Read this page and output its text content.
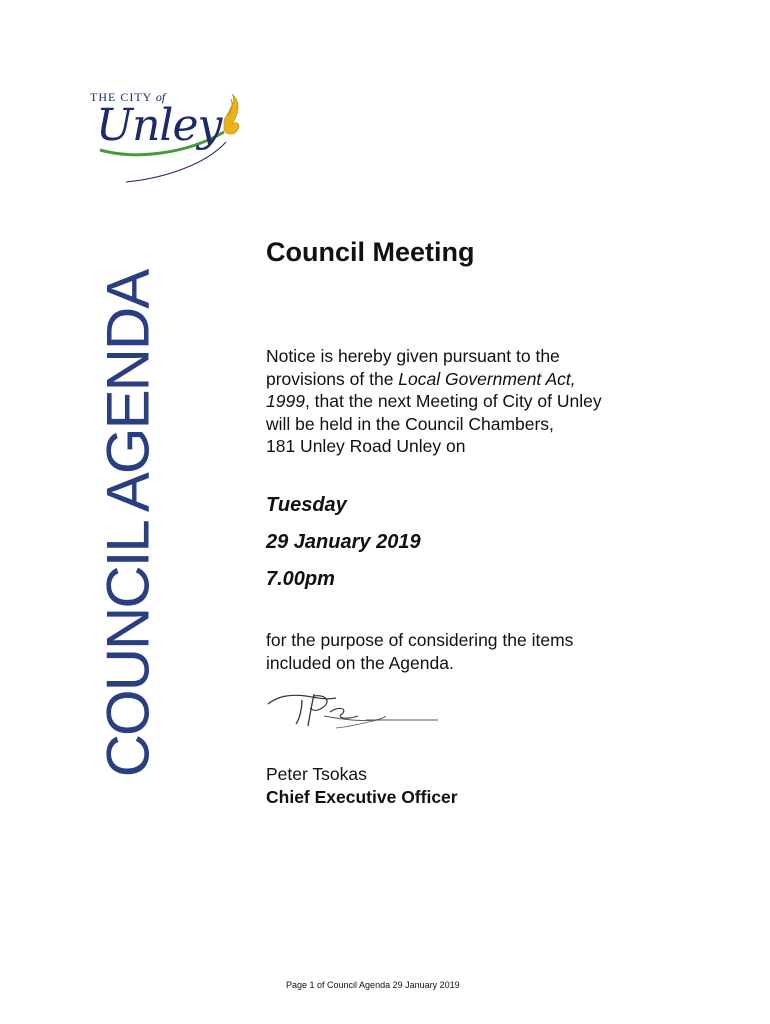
THE CITY of
Unley
COUNCIL AGENDA
Council Meeting

Notice is hereby given pursuant to the

provisions of the Local Government Act,

1999, that the next Meeting of City of Unley

will be held in the Council Chambers,

181 Unley Road Unley on

Tuesday
29 January 2019
7.00pm

for the purpose of considering the items

included on the Agenda.

Peter Tsokas
Chief Executive Officer
Page 1 of Council Agenda 29 January 2019
